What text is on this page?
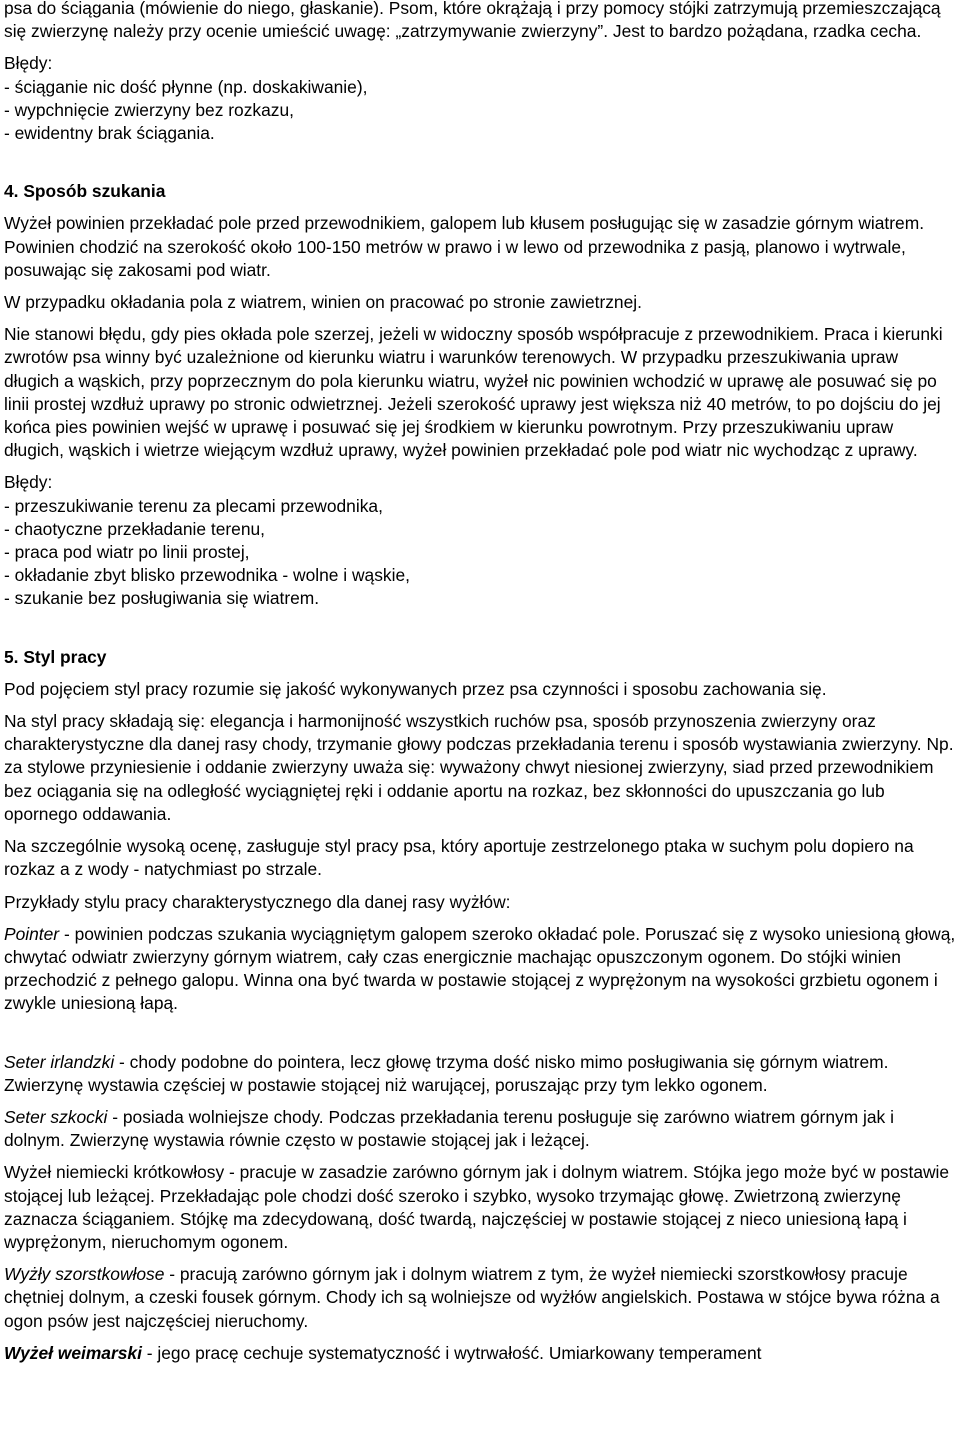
psa do ściągania (mówienie do niego, głaskanie). Psom, które okrążają i przy pomocy stójki zatrzymują przemieszczającą się zwierzynę należy przy ocenie umieścić uwagę: „zatrzymywanie zwierzyny”. Jest to bardzo pożądana, rzadka cecha.

Błędy:

- ściąganie nic dość płynne (np. doskakiwanie),
- wypchnięcie zwierzyny bez rozkazu,
- ewidentny brak ściągania.

4. Sposób szukania

Wyżeł powinien przekładać pole przed przewodnikiem, galopem lub kłusem posługując się w zasadzie górnym wiatrem. Powinien chodzić na szerokość około 100-150 metrów w prawo i w lewo od przewodnika z pasją, planowo i wytrwale, posuwając się zakosami pod wiatr.

W przypadku okładania pola z wiatrem, winien on pracować po stronie zawietrznej.

Nie stanowi błędu, gdy pies okłada pole szerzej, jeżeli w widoczny sposób współpracuje z przewodnikiem. Praca i kierunki zwrotów psa winny być uzależnione od kierunku wiatru i warunków terenowych. W przypadku przeszukiwania upraw długich a wąskich, przy poprzecznym do pola kierunku wiatru, wyżeł nic powinien wchodzić w uprawę ale posuwać się po linii prostej wzdłuż uprawy po stronic odwietrznej. Jeżeli szerokość uprawy jest większa niż 40 metrów, to po dojściu do jej końca pies powinien wejść w uprawę i posuwać się jej środkiem w kierunku powrotnym. Przy przeszukiwaniu upraw długich, wąskich i wietrze wiejącym wzdłuż uprawy, wyżeł powinien przekładać pole pod wiatr nic wychodząc z uprawy.

Błędy:

- przeszukiwanie terenu za plecami przewodnika,
- chaotyczne przekładanie terenu,
- praca pod wiatr po linii prostej,
- okładanie zbyt blisko przewodnika - wolne i wąskie,
- szukanie bez posługiwania się wiatrem.

5. Styl pracy

Pod pojęciem styl pracy rozumie się jakość wykonywanych przez psa czynności i sposobu zachowania się.

Na styl pracy składają się: elegancja i harmonijność wszystkich ruchów psa, sposób przynoszenia zwierzyny oraz charakterystyczne dla danej rasy chody, trzymanie głowy podczas przekładania terenu i sposób wystawiania zwierzyny. Np. za stylowe przyniesienie i oddanie zwierzyny uważa się: wyważony chwyt niesionej zwierzyny, siad przed przewodnikiem bez ociągania się na odległość wyciągniętej ręki i oddanie aportu na rozkaz, bez skłonności do upuszczania go lub opornego oddawania.

Na szczególnie wysoką ocenę, zasługuje styl pracy psa, który aportuje zestrzelonego ptaka w suchym polu dopiero na rozkaz a z wody - natychmiast po strzale.

Przykłady stylu pracy charakterystycznego dla danej rasy wyżłów:

Pointer - powinien podczas szukania wyciągniętym galopem szeroko okładać pole. Poruszać się z wysoko uniesioną głową, chwytać odwiatr zwierzyny górnym wiatrem, cały czas energicznie machając opuszczonym ogonem. Do stójki winien przechodzić z pełnego galopu. Winna ona być twarda w postawie stojącej z wyprężonym na wysokości grzbietu ogonem i zwykle uniesioną łapą.

Seter irlandzki - chody podobne do pointera, lecz głowę trzyma dość nisko mimo posługiwania się górnym wiatrem. Zwierzynę wystawia częściej w postawie stojącej niż warującej, poruszając przy tym lekko ogonem.

Seter szkocki - posiada wolniejsze chody. Podczas przekładania terenu posługuje się zarówno wiatrem górnym jak i dolnym. Zwierzynę wystawia równie często w postawie stojącej jak i leżącej.

Wyżeł niemiecki krótkowłosy - pracuje w zasadzie zarówno górnym jak i dolnym wiatrem. Stójka jego może być w postawie stojącej lub leżącej. Przekładając pole chodzi dość szeroko i szybko, wysoko trzymając głowę. Zwietrzoną zwierzynę zaznacza ściąganiem. Stójkę ma zdecydowaną, dość twardą, najczęściej w postawie stojącej z nieco uniesioną łapą i wyprężonym, nieruchomym ogonem.

Wyżły szorstkowłose - pracują zarówno górnym jak i dolnym wiatrem z tym, że wyżeł niemiecki szorstkowłosy pracuje chętniej dolnym, a czeski fousek górnym. Chody ich są wolniejsze od wyżłów angielskich. Postawa w stójce bywa różna a ogon psów jest najczęściej nieruchomy.

Wyżeł weimarski - jego pracę cechuje systematyczność i wytrwałość. Umiarkowany temperament
